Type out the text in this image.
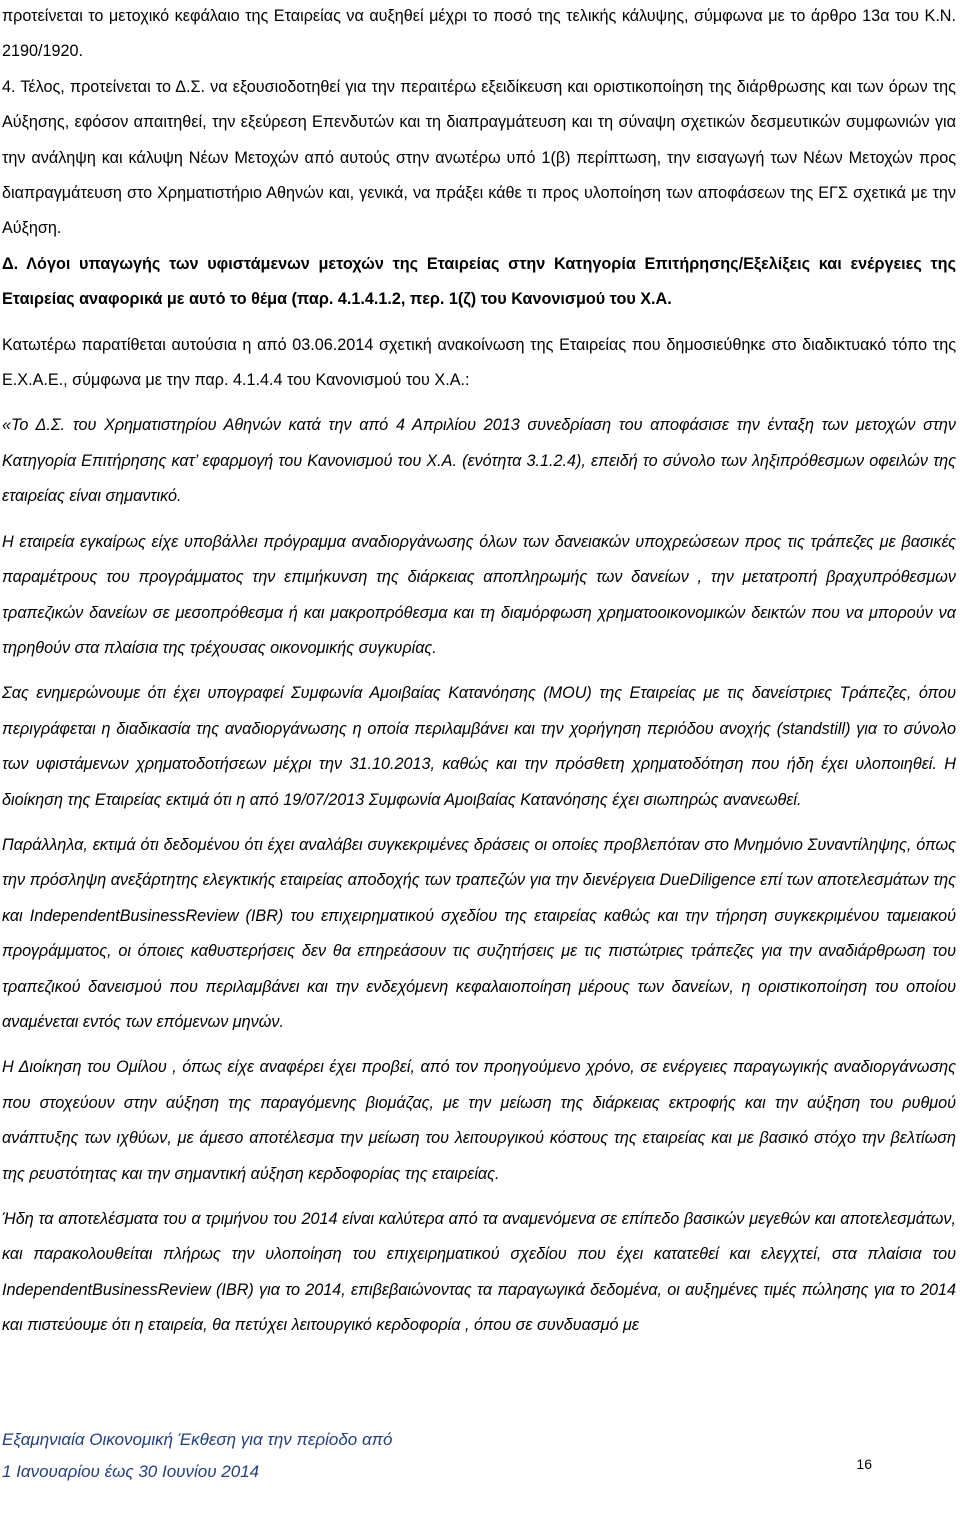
προτείνεται το μετοχικό κεφάλαιο της Εταιρείας να αυξηθεί μέχρι το ποσό της τελικής κάλυψης, σύμφωνα με το άρθρο 13α του Κ.Ν. 2190/1920.

4. Τέλος, προτείνεται το Δ.Σ. να εξουσιοδοτηθεί για την περαιτέρω εξειδίκευση και οριστικοποίηση της διάρθρωσης και των όρων της Αύξησης, εφόσον απαιτηθεί, την εξεύρεση Επενδυτών και τη διαπραγμάτευση και τη σύναψη σχετικών δεσμευτικών συμφωνιών για την ανάληψη και κάλυψη Νέων Μετοχών από αυτούς στην ανωτέρω υπό 1(β) περίπτωση, την εισαγωγή των Νέων Μετοχών προς διαπραγμάτευση στο Χρηματιστήριο Αθηνών και, γενικά, να πράξει κάθε τι προς υλοποίηση των αποφάσεων της ΕΓΣ σχετικά με την Αύξηση.

Δ. Λόγοι υπαγωγής των υφιστάμενων μετοχών της Εταιρείας στην Κατηγορία Επιτήρησης/Εξελίξεις και ενέργειες της Εταιρείας αναφορικά με αυτό το θέμα (παρ. 4.1.4.1.2, περ. 1(ζ) του Κανονισμού του Χ.Α.

Κατωτέρω παρατίθεται αυτούσια η από 03.06.2014 σχετική ανακοίνωση της Εταιρείας που δημοσιεύθηκε στο διαδικτυακό τόπο της Ε.Χ.Α.Ε., σύμφωνα με την παρ. 4.1.4.4 του Κανονισμού του Χ.Α.:

«Το Δ.Σ. του Χρηματιστηρίου Αθηνών κατά την από 4 Απριλίου 2013 συνεδρίαση του αποφάσισε την ένταξη των μετοχών στην Κατηγορία Επιτήρησης κατ’ εφαρμογή του Κανονισμού του Χ.Α. (ενότητα 3.1.2.4), επειδή το σύνολο των ληξιπρόθεσμων οφειλών της εταιρείας είναι σημαντικό.

Η εταιρεία εγκαίρως είχε υποβάλλει πρόγραμμα αναδιοργάνωσης όλων των δανειακών υποχρεώσεων προς τις τράπεζες με βασικές παραμέτρους του προγράμματος την επιμήκυνση της διάρκειας αποπληρωμής των δανείων , την μετατροπή βραχυπρόθεσμων τραπεζικών δανείων σε μεσοπρόθεσμα ή και μακροπρόθεσμα και τη διαμόρφωση χρηματοοικονομικών δεικτών που να μπορούν να τηρηθούν στα πλαίσια της τρέχουσας οικονομικής συγκυρίας.

Σας ενημερώνουμε ότι έχει υπογραφεί Συμφωνία Αμοιβαίας Κατανόησης (MOU) της Εταιρείας με τις δανείστριες Τράπεζες, όπου περιγράφεται η διαδικασία της αναδιοργάνωσης η οποία περιλαμβάνει και την χορήγηση περιόδου ανοχής (standstill) για το σύνολο των υφιστάμενων χρηματοδοτήσεων μέχρι την 31.10.2013, καθώς και την πρόσθετη χρηματοδότηση που ήδη έχει υλοποιηθεί. Η διοίκηση της Εταιρείας εκτιμά ότι η από 19/07/2013 Συμφωνία Αμοιβαίας Κατανόησης έχει σιωπηρώς ανανεωθεί.

Παράλληλα, εκτιμά ότι δεδομένου ότι έχει αναλάβει συγκεκριμένες δράσεις οι οποίες προβλεπόταν στο Μνημόνιο Συναντίληψης, όπως την πρόσληψη ανεξάρτητης ελεγκτικής εταιρείας αποδοχής των τραπεζών για την διενέργεια DueDiligence επί των αποτελεσμάτων της και IndependentBusinessReview (IBR) του επιχειρηματικού σχεδίου της εταιρείας καθώς και την τήρηση συγκεκριμένου ταμειακού προγράμματος, οι όποιες καθυστερήσεις δεν θα επηρεάσουν τις συζητήσεις με τις πιστώτριες τράπεζες για την αναδιάρθρωση του τραπεζικού δανεισμού που περιλαμβάνει και την ενδεχόμενη κεφαλαιοποίηση μέρους των δανείων, η οριστικοποίηση του οποίου αναμένεται εντός των επόμενων μηνών.

Η Διοίκηση του Ομίλου , όπως είχε αναφέρει έχει προβεί, από τον προηγούμενο χρόνο, σε ενέργειες παραγωγικής αναδιοργάνωσης που στοχεύουν στην αύξηση της παραγόμενης βιομάζας, με την μείωση της διάρκειας εκτροφής και την αύξηση του ρυθμού ανάπτυξης των ιχθύων, με άμεσο αποτέλεσμα την μείωση του λειτουργικού κόστους της εταιρείας και με βασικό στόχο την βελτίωση της ρευστότητας και την σημαντική αύξηση κερδοφορίας της εταιρείας.

Ήδη τα αποτελέσματα του α τριμήνου του 2014 είναι καλύτερα από τα αναμενόμενα σε επίπεδο βασικών μεγεθών και αποτελεσμάτων, και παρακολουθείται πλήρως την υλοποίηση του επιχειρηματικού σχεδίου που έχει κατατεθεί και ελεγχτεί, στα πλαίσια του IndependentBusinessReview (IBR) για το 2014, επιβεβαιώνοντας τα παραγωγικά δεδομένα, οι αυξημένες τιμές πώλησης για το 2014 και πιστεύουμε ότι η εταιρεία, θα πετύχει λειτουργικό κερδοφορία , όπου σε συνδυασμό με

Εξαμηνιαία Οικονομική Έκθεση για την περίοδο από
1 Ιανουαρίου έως 30 Ιουνίου 2014	16
